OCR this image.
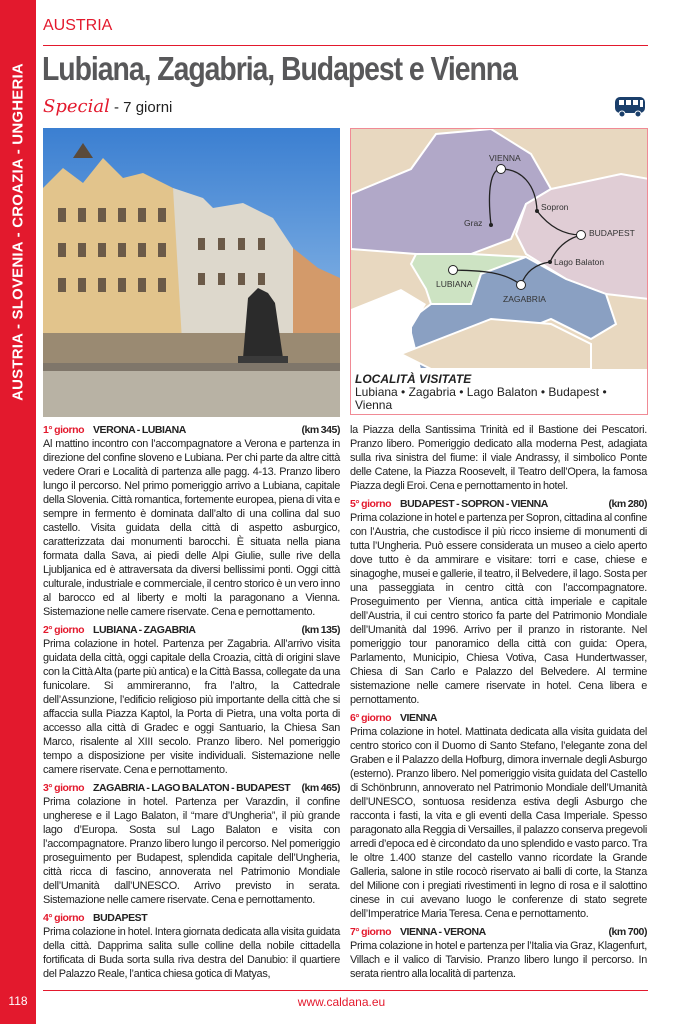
AUSTRIA - SLOVENIA - CROAZIA - UNGHERIA
118
AUSTRIA
Lubiana, Zagabria, Budapest e Vienna
Special - 7 giorni
VIENNA
Graz
Sopron
BUDAPEST
Lago Balaton
LUBIANA
ZAGABRIA
LOCALITÀ VISITATE
Lubiana • Zagabria • Lago Balaton • Budapest • Vienna
1° giorno VERONA - LUBIANA	(km 345)
Al mattino incontro con l’accompagnatore a Verona e partenza in direzione del confine sloveno e Lubiana. Per chi parte da altre città vedere Orari e Località di partenza alle pagg. 4-13. Pranzo libero lungo il percorso. Nel primo pomeriggio arrivo a Lubiana, capitale della Slovenia. Città romantica, fortemente europea, piena di vita e sempre in fermento è dominata dall’alto di una collina dal suo castello. Visita guidata della città di aspetto asburgico, caratterizzata dai monumenti barocchi. È situata nella piana formata dalla Sava, ai piedi delle Alpi Giulie, sulle rive della Ljubljanica ed è attraversata da diversi bellissimi ponti. Oggi città culturale, industriale e commerciale, il centro storico è un vero inno al barocco ed al liberty e molti la paragonano a Vienna. Sistemazione nelle camere riservate. Cena e pernottamento.
2° giorno LUBIANA - ZAGABRIA	(km 135)
Prima colazione in hotel. Partenza per Zagabria. All’arrivo visita guidata della città, oggi capitale della Croazia, città di origini slave con la Città Alta (parte più antica) e la Città Bassa, collegate da una funicolare. Si ammireranno, fra l’altro, la Cattedrale dell’Assunzione, l’edificio religioso più importante della città che si affaccia sulla Piazza Kaptol, la Porta di Pietra, una volta porta di accesso alla città di Gradec e oggi Santuario, la Chiesa San Marco, risalente al XIII secolo. Pranzo libero. Nel pomeriggio tempo a disposizione per visite individuali. Sistemazione nelle camere riservate. Cena e pernottamento.
3° giorno ZAGABRIA - LAGO BALATON - BUDAPEST	(km 465)
Prima colazione in hotel. Partenza per Varazdin, il confine ungherese e il Lago Balaton, il “mare d’Ungheria”, il più grande lago d’Europa. Sosta sul Lago Balaton e visita con l’accompagnatore. Pranzo libero lungo il percorso. Nel pomeriggio proseguimento per Budapest, splendida capitale dell’Ungheria, città ricca di fascino, annoverata nel Patrimonio Mondiale dell’Umanità dall’UNESCO. Arrivo previsto in serata. Sistemazione nelle camere riservate. Cena e pernottamento.
4° giorno BUDAPEST
Prima colazione in hotel. Intera giornata dedicata alla visita guidata della città. Dapprima salita sulle colline della nobile cittadella fortificata di Buda sorta sulla riva destra del Danubio: il quartiere del Palazzo Reale, l’antica chiesa gotica di Matyas,
la Piazza della Santissima Trinità ed il Bastione dei Pescatori. Pranzo libero. Pomeriggio dedicato alla moderna Pest, adagiata sulla riva sinistra del fiume: il viale Andrassy, il simbolico Ponte delle Catene, la Piazza Roosevelt, il Teatro dell’Opera, la famosa Piazza degli Eroi. Cena e pernottamento in hotel.
5° giorno BUDAPEST - SOPRON - VIENNA	(km 280)
Prima colazione in hotel e partenza per Sopron, cittadina al confine con l’Austria, che custodisce il più ricco insieme di monumenti di tutta l’Ungheria. Può essere considerata un museo a cielo aperto dove tutto è da ammirare e visitare: torri e case, chiese e sinagoghe, musei e gallerie, il teatro, il Belvedere, il lago. Sosta per una passeggiata in centro città con l’accompagnatore. Proseguimento per Vienna, antica città imperiale e capitale dell’Austria, il cui centro storico fa parte del Patrimonio Mondiale dell’Umanità dal 1996. Arrivo per il pranzo in ristorante. Nel pomeriggio tour panoramico della città con guida: Opera, Parlamento, Municipio, Chiesa Votiva, Casa Hundertwasser, Chiesa di San Carlo e Palazzo del Belvedere. Al termine sistemazione nelle camere riservate in hotel. Cena libera e pernottamento.
6° giorno VIENNA
Prima colazione in hotel. Mattinata dedicata alla visita guidata del centro storico con il Duomo di Santo Stefano, l’elegante zona del Graben e il Palazzo della Hofburg, dimora invernale degli Asburgo (esterno). Pranzo libero. Nel pomeriggio visita guidata del Castello di Schönbrunn, annoverato nel Patrimonio Mondiale dell’Umanità dell’UNESCO, sontuosa residenza estiva degli Asburgo che racconta i fasti, la vita e gli eventi della Casa Imperiale. Spesso paragonato alla Reggia di Versailles, il palazzo conserva pregevoli arredi d’epoca ed è circondato da uno splendido e vasto parco. Tra le oltre 1.400 stanze del castello vanno ricordate la Grande Galleria, salone in stile rococò riservato ai balli di corte, la Stanza del Milione con i pregiati rivestimenti in legno di rosa e il salottino cinese in cui avevano luogo le conferenze di stato segrete dell’Imperatrice Maria Teresa. Cena e pernottamento.
7° giorno VIENNA - VERONA	(km 700)
Prima colazione in hotel e partenza per l’Italia via Graz, Klagenfurt, Villach e il valico di Tarvisio. Pranzo libero lungo il percorso. In serata rientro alla località di partenza.
www.caldana.eu
